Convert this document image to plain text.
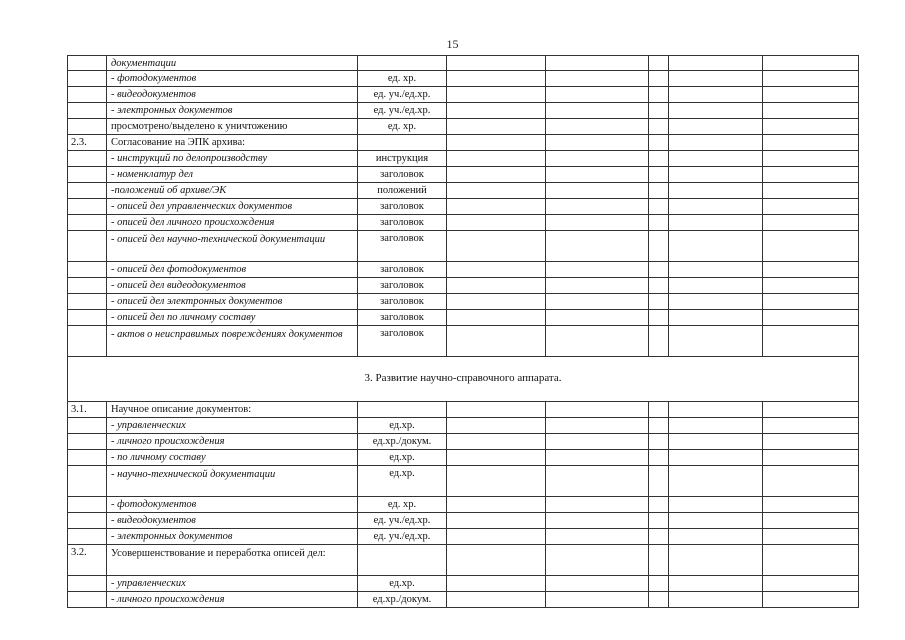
15
документации
- фотодокументов	ед. хр.
- видеодокументов	ед. уч./ед.хр.
- электронных документов	ед. уч./ед.хр.
просмотрено/выделено к уничтожению	ед. хр.
2.3.	Согласование на ЭПК архива:
- инструкций по делопроизводству	инструкция
- номенклатур дел	заголовок
-положений об архиве/ЭК	положений
- описей дел управленческих документов	заголовок
- описей дел личного происхождения	заголовок
- описей дел научно-технической документации	заголовок
- описей дел фотодокументов	заголовок
- описей дел видеодокументов	заголовок
- описей дел электронных документов	заголовок
- описей дел по личному составу	заголовок
- актов о неисправимых повреждениях документов	заголовок
3. Развитие научно-справочного аппарата.
3.1.	Научное описание документов:
- управленческих	ед.хр.
- личного происхождения	ед.хр./докум.
- по личному составу	ед.хр.
- научно-технической документации	ед.хр.
- фотодокументов	ед. хр.
- видеодокументов	ед. уч./ед.хр.
- электронных документов	ед. уч./ед.хр.
3.2.	Усовершенствование и переработка описей дел:
- управленческих	ед.хр.
- личного происхождения	ед.хр./докум.
